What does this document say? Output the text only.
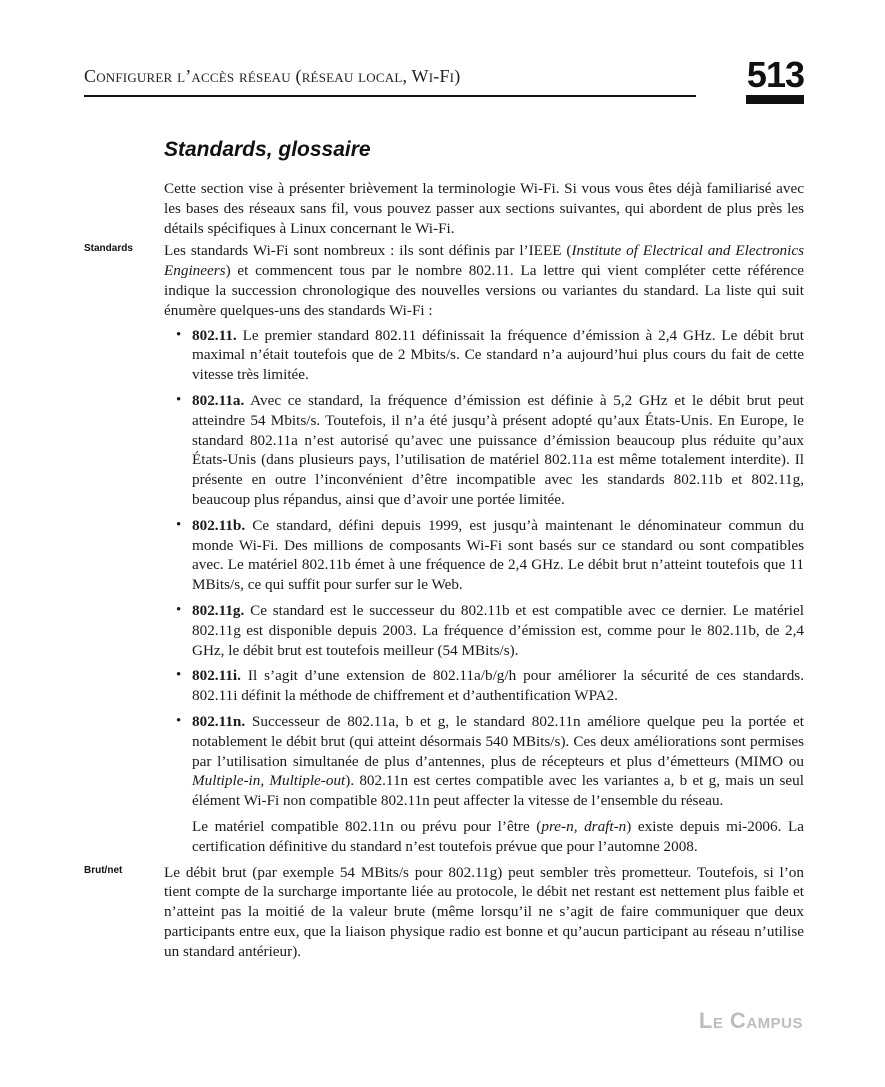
Configurer l’accès réseau (réseau local, Wi-Fi)	513
Standards, glossaire

Cette section vise à présenter brièvement la terminologie Wi-Fi. Si vous vous êtes déjà familiarisé avec les bases des réseaux sans fil, vous pouvez passer aux sections suivantes, qui abordent de plus près les détails spécifiques à Linux concernant le Wi-Fi.

Standards Les standards Wi-Fi sont nombreux : ils sont définis par l’IEEE (Institute of Electrical and Electronics Engineers) et commencent tous par le nombre 802.11. La lettre qui vient compléter cette référence indique la succession chronologique des nouvelles versions ou variantes du standard. La liste qui suit énumère quelques-uns des standards Wi-Fi :

• 802.11. Le premier standard 802.11 définissait la fréquence d’émission à 2,4 GHz. Le débit brut maximal n’était toutefois que de 2 Mbits/s. Ce standard n’a aujourd’hui plus cours du fait de cette vitesse très limitée.

• 802.11a. Avec ce standard, la fréquence d’émission est définie à 5,2 GHz et le débit brut peut atteindre 54 Mbits/s. Toutefois, il n’a été jusqu’à présent adopté qu’aux États-Unis. En Europe, le standard 802.11a n’est autorisé qu’avec une puissance d’émission beaucoup plus réduite qu’aux États-Unis (dans plusieurs pays, l’utilisation de matériel 802.11a est même totalement interdite). Il présente en outre l’inconvénient d’être incompatible avec les standards 802.11b et 802.11g, beaucoup plus répandus, ainsi que d’avoir une portée limitée.

• 802.11b. Ce standard, défini depuis 1999, est jusqu’à maintenant le dénominateur commun du monde Wi-Fi. Des millions de composants Wi-Fi sont basés sur ce standard ou sont compatibles avec. Le matériel 802.11b émet à une fréquence de 2,4 GHz. Le débit brut n’atteint toutefois que 11 MBits/s, ce qui suffit pour surfer sur le Web.

• 802.11g. Ce standard est le successeur du 802.11b et est compatible avec ce dernier. Le matériel 802.11g est disponible depuis 2003. La fréquence d’émission est, comme pour le 802.11b, de 2,4 GHz, le débit brut est toutefois meilleur (54 MBits/s).

• 802.11i. Il s’agit d’une extension de 802.11a/b/g/h pour améliorer la sécurité de ces standards. 802.11i définit la méthode de chiffrement et d’authentification WPA2.

• 802.11n. Successeur de 802.11a, b et g, le standard 802.11n améliore quelque peu la portée et notablement le débit brut (qui atteint désormais 540 MBits/s). Ces deux améliorations sont permises par l’utilisation simultanée de plus d’antennes, plus de récepteurs et plus d’émetteurs (MIMO ou Multiple-in, Multiple-out). 802.11n est certes compatible avec les variantes a, b et g, mais un seul élément Wi-Fi non compatible 802.11n peut affecter la vitesse de l’ensemble du réseau.

Le matériel compatible 802.11n ou prévu pour l’être (pre-n, draft-n) existe depuis mi-2006. La certification définitive du standard n’est toutefois prévue que pour l’automne 2008.

Brut/net	Le débit brut (par exemple 54 MBits/s pour 802.11g) peut sembler très prometteur. Toutefois, si l’on tient compte de la surcharge importante liée au protocole, le débit net restant est nettement plus faible et n’atteint pas la moitié de la valeur brute (même lorsqu’il ne s’agit de faire communiquer que deux participants entre eux, que la liaison physique radio est bonne et qu’aucun participant au réseau n’utilise un standard antérieur).

Le Campus
